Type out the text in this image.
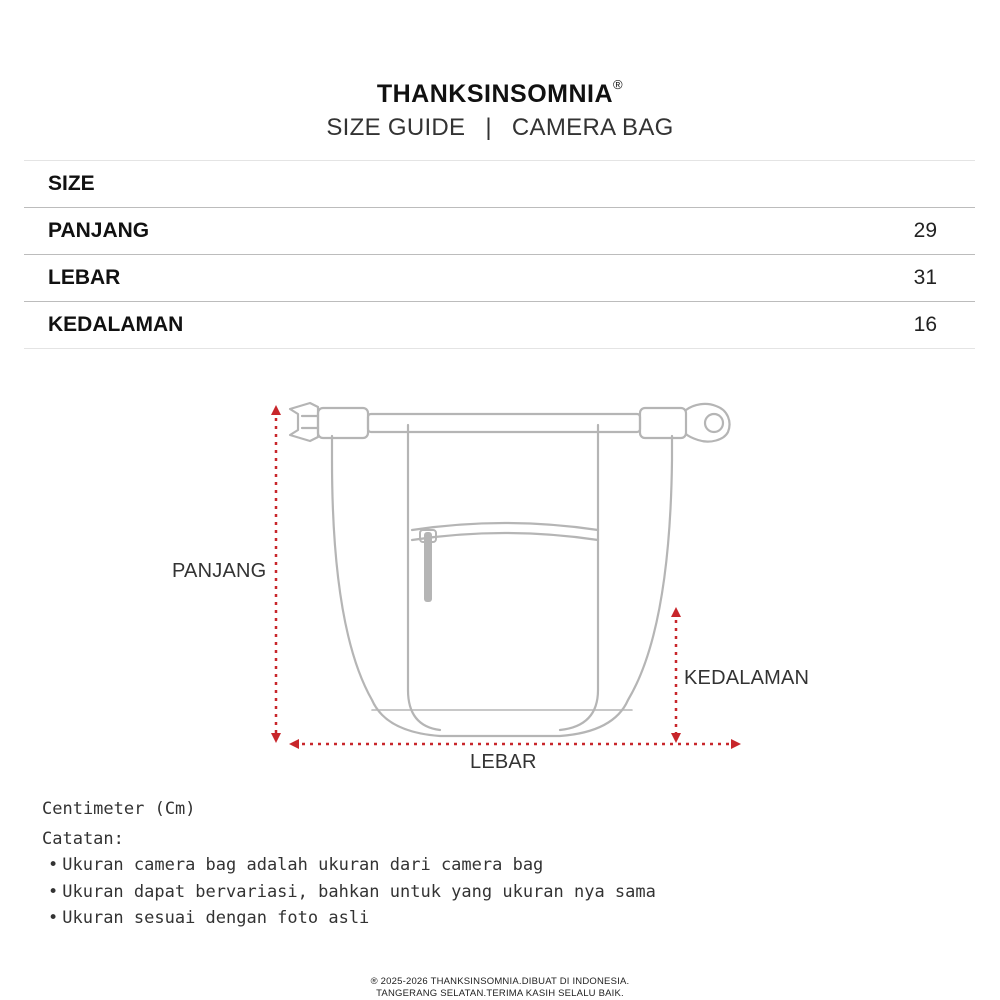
THANKSINSOMNIA®
SIZE GUIDE | CAMERA BAG
SIZE
PANJANG	29
LEBAR	31
KEDALAMAN	16
PANJANG
KEDALAMAN
LEBAR
Centimeter (Cm)
Catatan:
• Ukuran camera bag adalah ukuran dari camera bag
• Ukuran dapat bervariasi, bahkan untuk yang ukuran nya sama
• Ukuran sesuai dengan foto asli
® 2025-2026 THANKSINSOMNIA.DIBUAT DI INDONESIA.
TANGERANG SELATAN.TERIMA KASIH SELALU BAIK.
